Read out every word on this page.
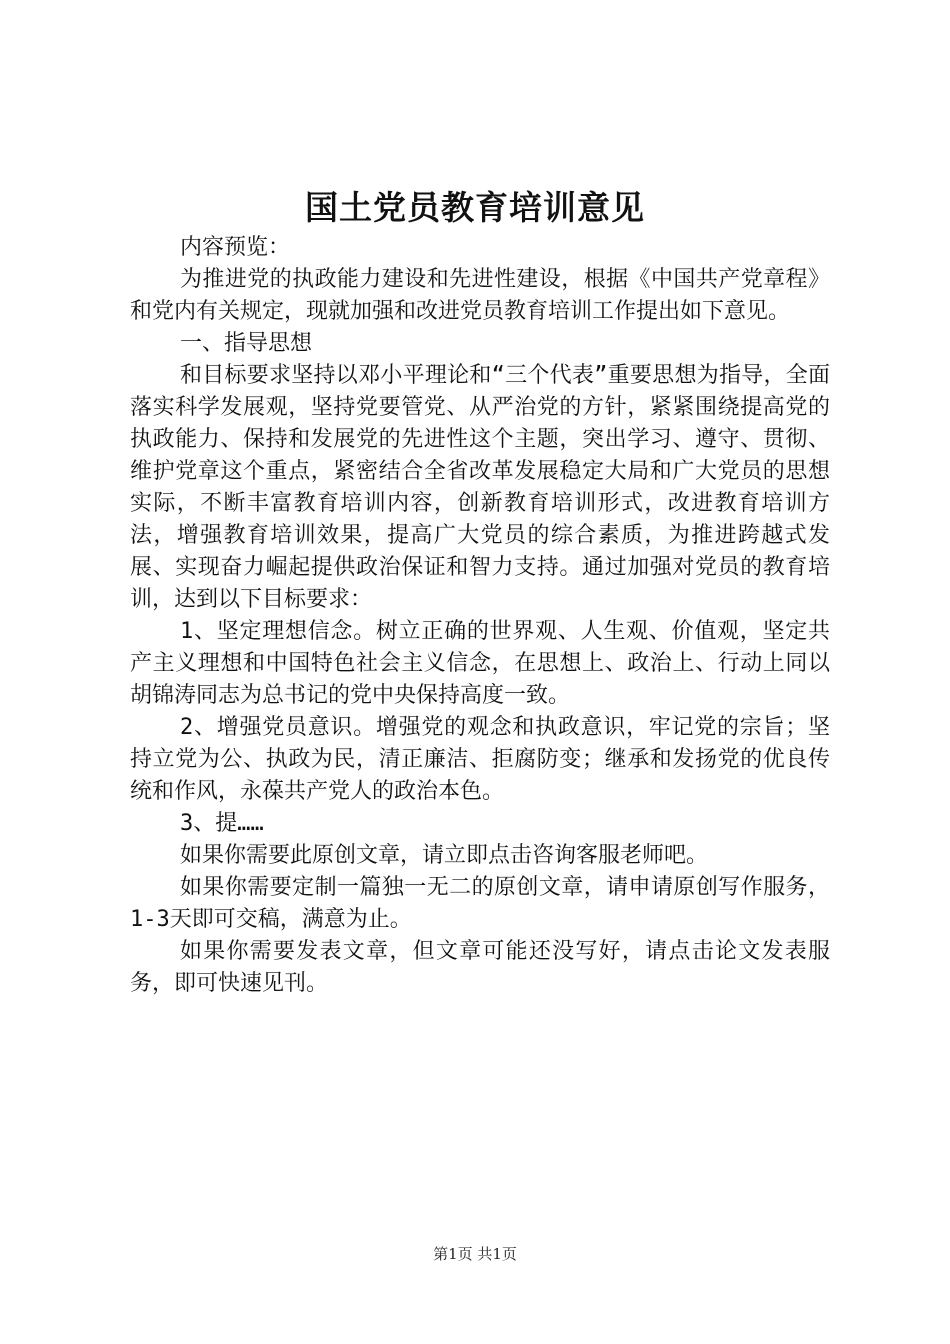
国土党员教育培训意见

内容预览：

为推进党的执政能力建设和先进性建设，根据《中国共产党章程》和党内有关规定，现就加强和改进党员教育培训工作提出如下意见。

一、指导思想

和目标要求坚持以邓小平理论和“三个代表”重要思想为指导，全面落实科学发展观，坚持党要管党、从严治党的方针，紧紧围绕提高党的执政能力、保持和发展党的先进性这个主题，突出学习、遵守、贯彻、维护党章这个重点，紧密结合全省改革发展稳定大局和广大党员的思想实际，不断丰富教育培训内容，创新教育培训形式，改进教育培训方法，增强教育培训效果，提高广大党员的综合素质，为推进跨越式发展、实现奋力崛起提供政治保证和智力支持。通过加强对党员的教育培训，达到以下目标要求：

1、坚定理想信念。树立正确的世界观、人生观、价值观，坚定共产主义理想和中国特色社会主义信念，在思想上、政治上、行动上同以胡锦涛同志为总书记的党中央保持高度一致。

2、增强党员意识。增强党的观念和执政意识，牢记党的宗旨；坚持立党为公、执政为民，清正廉洁、拒腐防变；继承和发扬党的优良传统和作风，永葆共产党人的政治本色。

3、提……

如果你需要此原创文章，请立即点击咨询客服老师吧。

如果你需要定制一篇独一无二的原创文章，请申请原创写作服务，1-3天即可交稿，满意为止。

如果你需要发表文章，但文章可能还没写好，请点击论文发表服务，即可快速见刊。

第1页 共1页
